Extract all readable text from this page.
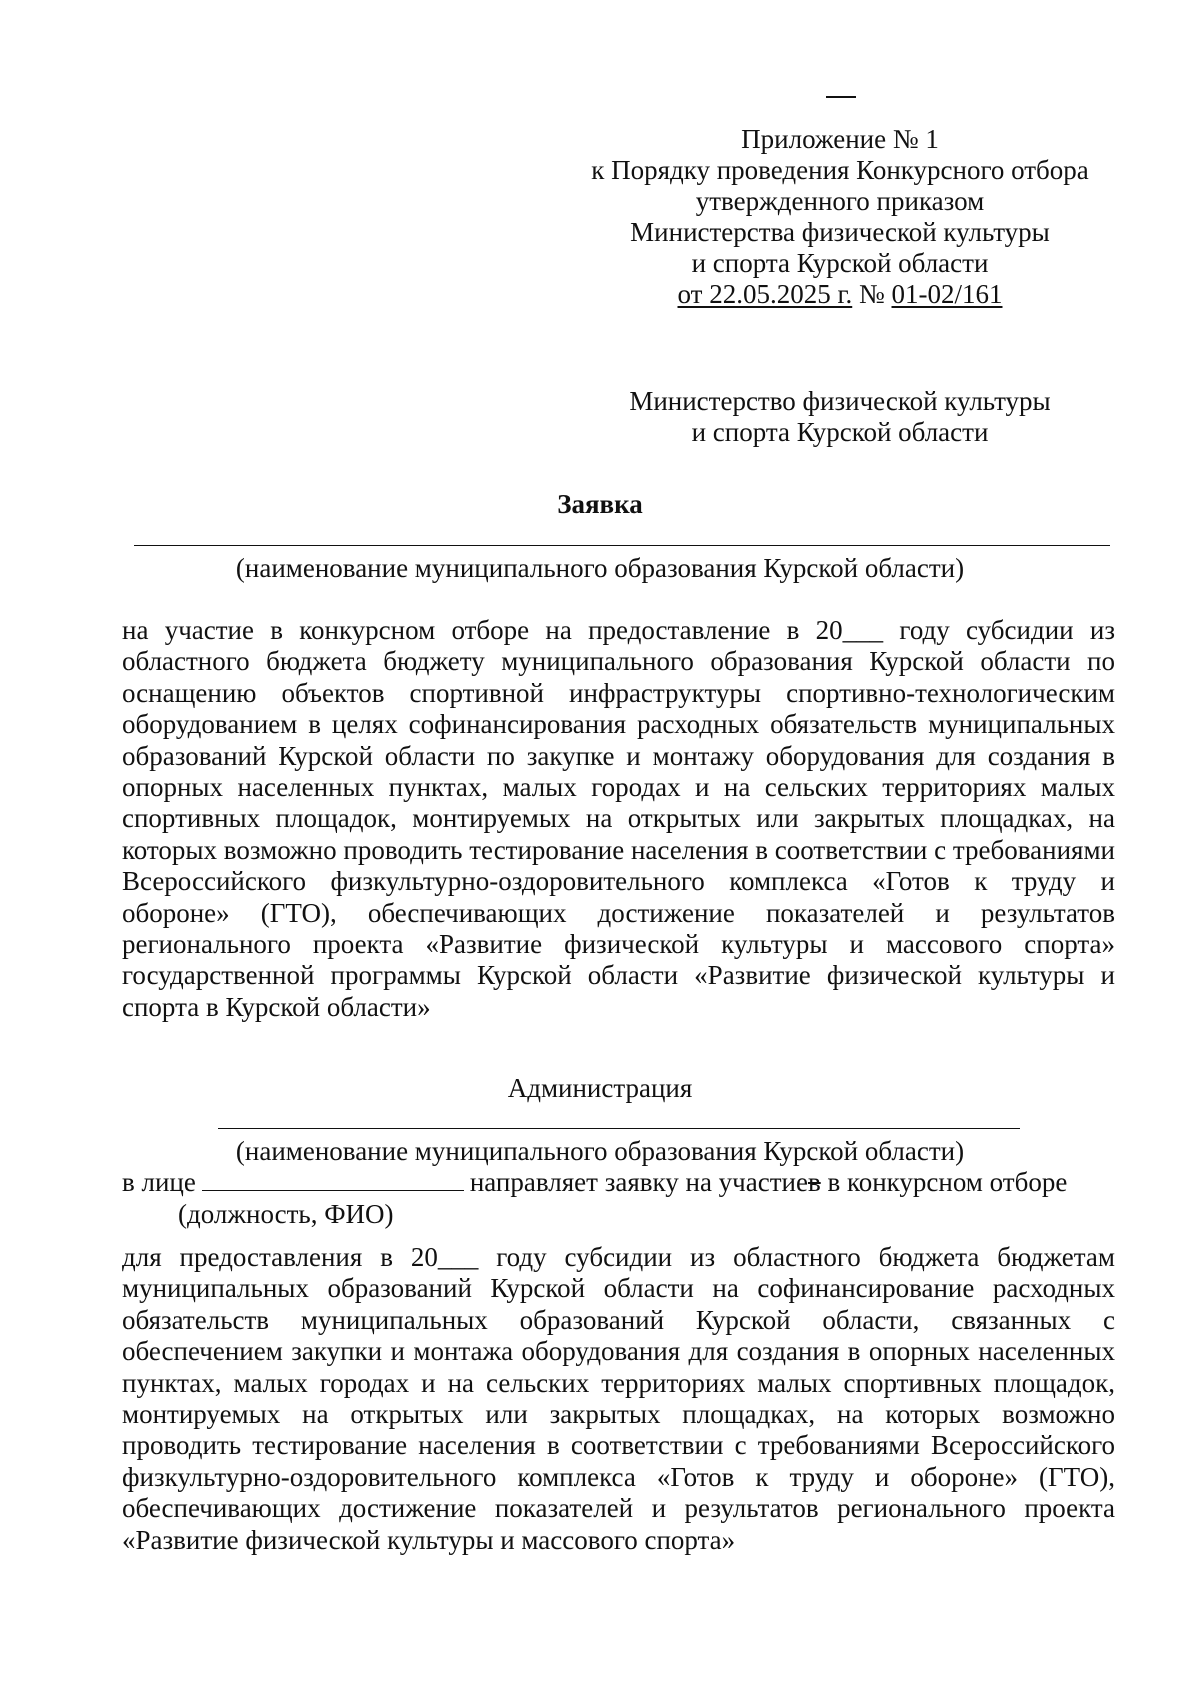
Приложение № 1
к Порядку проведения Конкурсного отбора
утвержденного приказом
Министерства физической культуры
и спорта Курской области
от 22.05.2025 г. № 01-02/161
Министерство физической культуры
и спорта Курской области
Заявка
(наименование муниципального образования Курской области)
на участие в конкурсном отборе на предоставление в 20___ году субсидии из областного бюджета бюджету муниципального образования Курской области по оснащению объектов спортивной инфраструктуры спортивно-технологическим оборудованием в целях софинансирования расходных обязательств муниципальных образований Курской области по закупке и монтажу оборудования для создания в опорных населенных пунктах, малых городах и на сельских территориях малых спортивных площадок, монтируемых на открытых или закрытых площадках, на которых возможно проводить тестирование населения в соответствии с требованиями Всероссийского физкультурно-оздоровительного комплекса «Готов к труду и обороне» (ГТО), обеспечивающих достижение показателей и результатов регионального проекта «Развитие физической культуры и массового спорта» государственной программы Курской области «Развитие физической культуры и спорта в Курской области»
Администрация
(наименование муниципального образования Курской области)
в лице	направляет заявку на участиев в конкурсном отборе
(должность, ФИО)
для предоставления в 20___ году субсидии из областного бюджета бюджетам муниципальных образований Курской области на софинансирование расходных обязательств муниципальных образований Курской области, связанных с обеспечением закупки и монтажа оборудования для создания в опорных населенных пунктах, малых городах и на сельских территориях малых спортивных площадок, монтируемых на открытых или закрытых площадках, на которых возможно проводить тестирование населения в соответствии с требованиями Всероссийского физкультурно-оздоровительного комплекса «Готов к труду и обороне» (ГТО), обеспечивающих достижение показателей и результатов регионального проекта «Развитие физической культуры и массового спорта»
